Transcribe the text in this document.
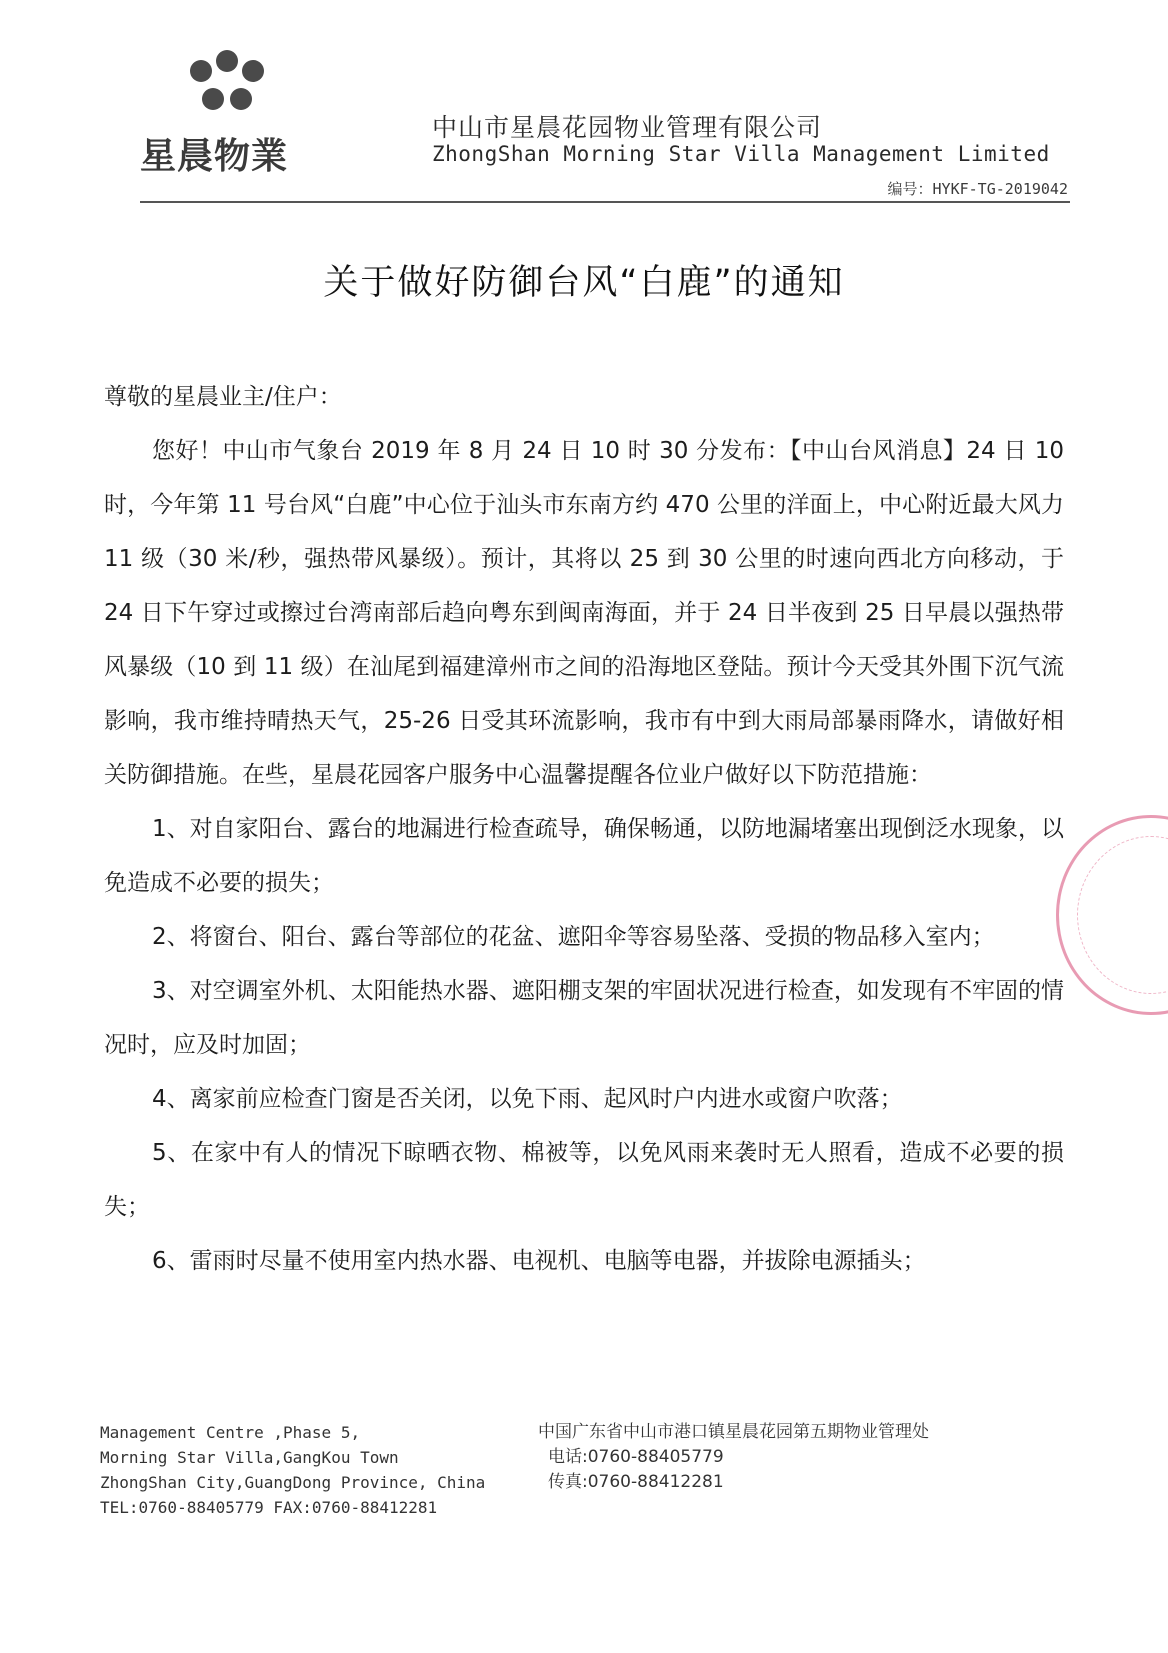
星晨物業
中山市星晨花园物业管理有限公司
ZhongShan Morning Star Villa Management Limited
编号：HYKF-TG-2019042
关于做好防御台风“白鹿”的通知

尊敬的星晨业主/住户：

您好！中山市气象台 2019 年 8 月 24 日 10 时 30 分发布：【中山台风消息】24 日 10 时，今年第 11 号台风“白鹿”中心位于汕头市东南方约 470 公里的洋面上，中心附近最大风力 11 级（30 米/秒，强热带风暴级）。预计，其将以 25 到 30 公里的时速向西北方向移动，于 24 日下午穿过或擦过台湾南部后趋向粤东到闽南海面，并于 24 日半夜到 25 日早晨以强热带风暴级（10 到 11 级）在汕尾到福建漳州市之间的沿海地区登陆。预计今天受其外围下沉气流影响，我市维持晴热天气，25-26 日受其环流影响，我市有中到大雨局部暴雨降水，请做好相关防御措施。在些，星晨花园客户服务中心温馨提醒各位业户做好以下防范措施：

1、对自家阳台、露台的地漏进行检查疏导，确保畅通，以防地漏堵塞出现倒泛水现象，以免造成不必要的损失；

2、将窗台、阳台、露台等部位的花盆、遮阳伞等容易坠落、受损的物品移入室内；

3、对空调室外机、太阳能热水器、遮阳棚支架的牢固状况进行检查，如发现有不牢固的情况时，应及时加固；

4、离家前应检查门窗是否关闭，以免下雨、起风时户内进水或窗户吹落；

5、在家中有人的情况下晾晒衣物、棉被等，以免风雨来袭时无人照看，造成不必要的损失；

6、雷雨时尽量不使用室内热水器、电视机、电脑等电器，并拔除电源插头；

Management Centre ,Phase 5,
Morning Star Villa,GangKou Town
ZhongShan City,GuangDong Province, China
TEL:0760-88405779 FAX:0760-88412281
中国广东省中山市港口镇星晨花园第五期物业管理处
电话:0760-88405779
传真:0760-88412281
